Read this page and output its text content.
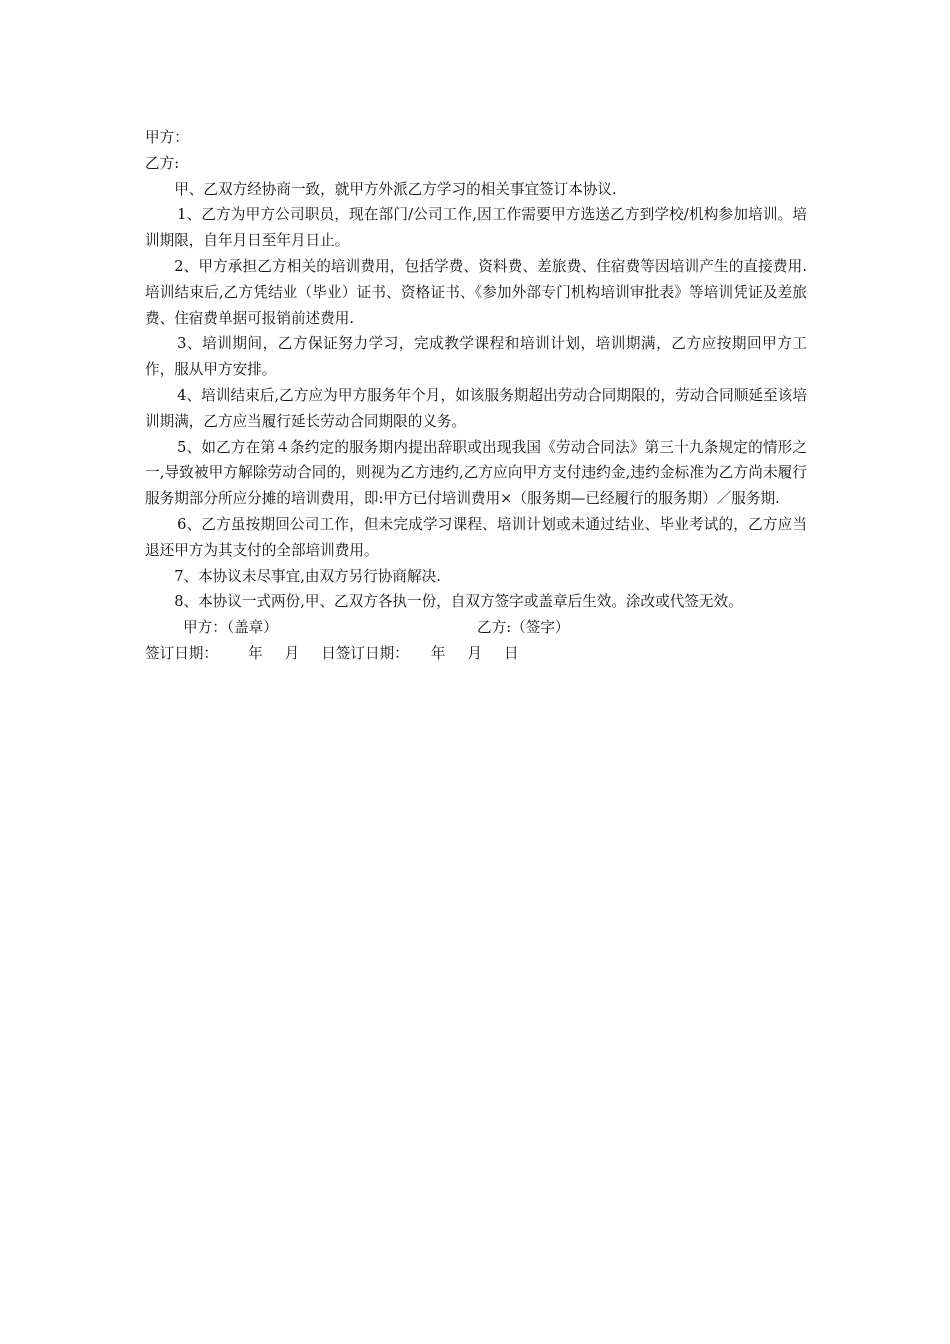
甲方：

乙方:

甲、乙双方经协商一致，就甲方外派乙方学习的相关事宜签订本协议.

1、乙方为甲方公司职员，现在部门/公司工作,因工作需要甲方选送乙方到学校/机构参加培训。培训期限，自年月日至年月日止。

2、甲方承担乙方相关的培训费用，包括学费、资料费、差旅费、住宿费等因培训产生的直接费用.培训结束后,乙方凭结业（毕业）证书、资格证书、《参加外部专门机构培训审批表》等培训凭证及差旅费、住宿费单据可报销前述费用.

3、培训期间，乙方保证努力学习，完成教学课程和培训计划，培训期满，乙方应按期回甲方工作，服从甲方安排。

4、培训结束后,乙方应为甲方服务年个月，如该服务期超出劳动合同期限的，劳动合同顺延至该培训期满，乙方应当履行延长劳动合同期限的义务。

5、如乙方在第４条约定的服务期内提出辞职或出现我国《劳动合同法》第三十九条规定的情形之一,导致被甲方解除劳动合同的，则视为乙方违约,乙方应向甲方支付违约金,违约金标准为乙方尚未履行服务期部分所应分摊的培训费用，即:甲方已付培训费用×（服务期—已经履行的服务期）／服务期.

6、乙方虽按期回公司工作，但未完成学习课程、培训计划或未通过结业、毕业考试的，乙方应当退还甲方为其支付的全部培训费用。

7、本协议未尽事宜,由双方另行协商解决.

8、本协议一式两份,甲、乙双方各执一份，自双方签字或盖章后生效。涂改或代签无效。

甲方：（盖章）	乙方:（签字）
签订日期： 年 月 日签订日期： 年 月 日
